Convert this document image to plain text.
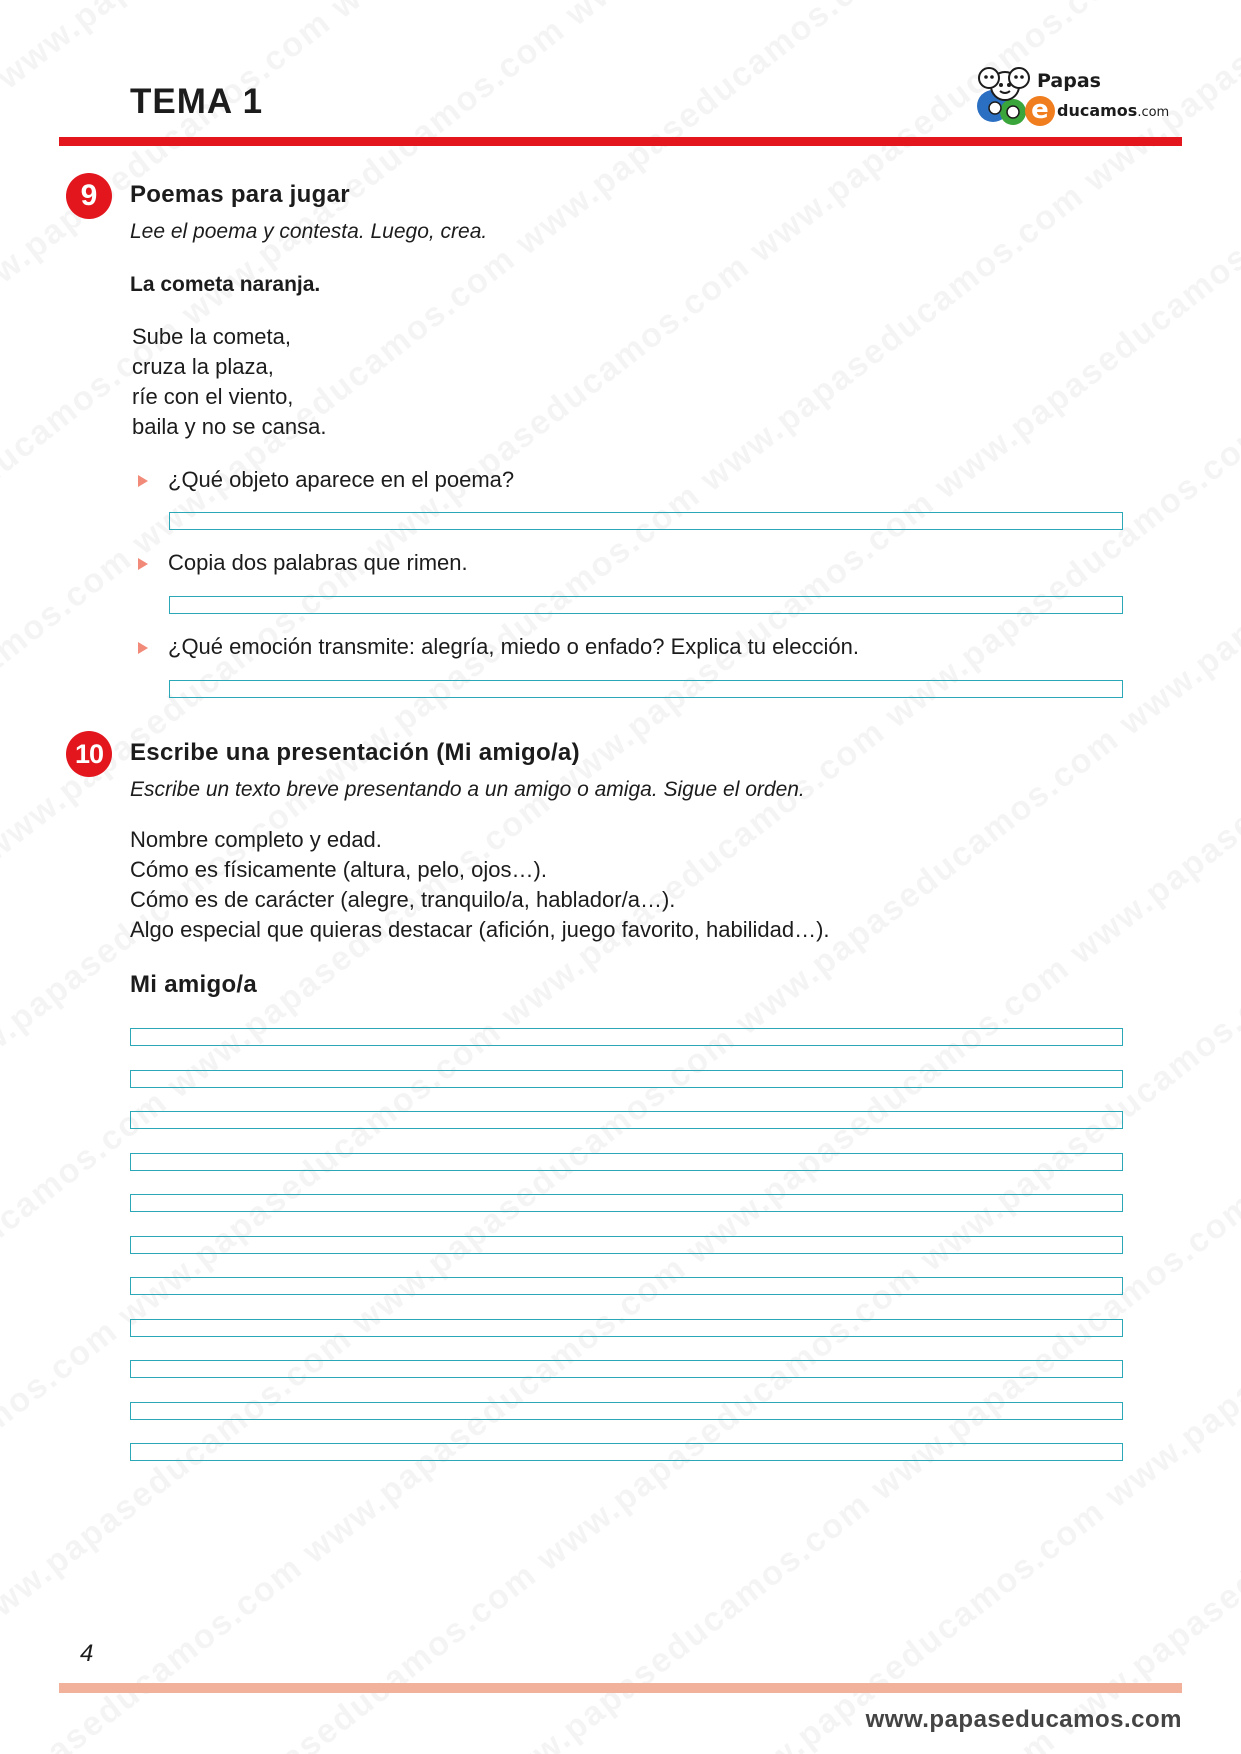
TEMA 1
Papas
e ducamos.com
9	Poemas para jugar
Lee el poema y contesta. Luego, crea.
La cometa naranja.
Sube la cometa,
cruza la plaza,
ríe con el viento,
baila y no se cansa.
¿Qué objeto aparece en el poema?
Copia dos palabras que rimen.
¿Qué emoción transmite: alegría, miedo o enfado? Explica tu elección.
10	Escribe una presentación (Mi amigo/a)
Escribe un texto breve presentando a un amigo o amiga. Sigue el orden.
Nombre completo y edad.
Cómo es físicamente (altura, pelo, ojos…).
Cómo es de carácter (alegre, tranquilo/a, hablador/a…).
Algo especial que quieras destacar (afición, juego favorito, habilidad…).
Mi amigo/a
4
www.papaseducamos.com
